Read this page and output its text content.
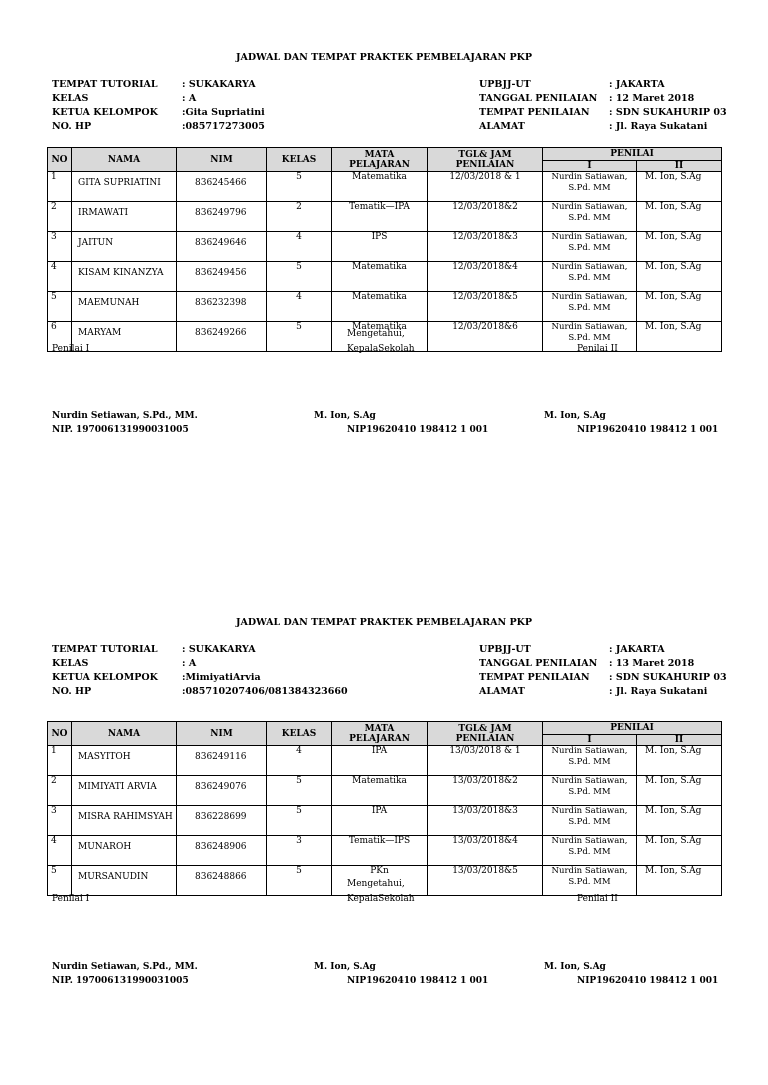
JADWAL DAN TEMPAT PRAKTEK PEMBELAJARAN PKP
TEMPAT TUTORIAL	: SUKAKARYA
KELAS	: A
KETUA KELOMPOK	:Gita Supriatini
NO. HP	:085717273005
UPBJJ-UT	: JAKARTA
TANGGAL PENILAIAN : 12 Maret 2018
TEMPAT PENILAIAN : SDN SUKAHURIP 03
ALAMAT	: Jl. Raya Sukatani
NO	NAMA	NIM	KELAS	MATA PELAJARAN	TGL& JAM PENILAIAN	PENILAI	
						I	II
1	GITA SUPRIATINI	836245466	5	Matematika	12/03/2018 & 1	Nurdin Satiawan, S.Pd. MM	M. Ion, S.Ag
2	IRMAWATI	836249796	2	Tematik—IPA	12/03/2018&2	Nurdin Satiawan, S.Pd. MM	M. Ion, S.Ag
3	JAITUN	836249646	4	IPS	12/03/2018&3	Nurdin Satiawan, S.Pd. MM	M. Ion, S.Ag
4	KISAM KINANZYA	836249456	5	Matematika	12/03/2018&4	Nurdin Satiawan, S.Pd. MM	M. Ion, S.Ag
5	MAEMUNAH	836232398	4	Matematika	12/03/2018&5	Nurdin Satiawan, S.Pd. MM	M. Ion, S.Ag
6	MARYAM	836249266	5	Matematika	12/03/2018&6	Nurdin Satiawan, S.Pd. MM	M. Ion, S.Ag
Mengetahui,
Penilai I	KepalaSekolah	Penilai II
Nurdin Setiawan, S.Pd., MM.	M. Ion, S.Ag	M. Ion, S.Ag
NIP. 197006131990031005	NIP19620410 198412 1 001	NIP19620410 198412 1 001
JADWAL DAN TEMPAT PRAKTEK PEMBELAJARAN PKP
TEMPAT TUTORIAL	: SUKAKARYA
KELAS	: A
KETUA KELOMPOK	:MimiyatiArvia
NO. HP	:085710207406/081384323660
UPBJJ-UT	: JAKARTA
TANGGAL PENILAIAN : 13 Maret 2018
TEMPAT PENILAIAN : SDN SUKAHURIP 03
ALAMAT	: Jl. Raya Sukatani
NO	NAMA	NIM	KELAS	MATA PELAJARAN	TGL& JAM PENILAIAN	PENILAI	
						I	II
1	MASYITOH	836249116	4	IPA	13/03/2018 & 1	Nurdin Satiawan, S.Pd. MM	M. Ion, S.Ag
2	MIMIYATI ARVIA	836249076	5	Matematika	13/03/2018&2	Nurdin Satiawan, S.Pd. MM	M. Ion, S.Ag
3	MISRA RAHIMSYAH	836228699	5	IPA	13/03/2018&3	Nurdin Satiawan, S.Pd. MM	M. Ion, S.Ag
4	MUNAROH	836248906	3	Tematik—IPS	13/03/2018&4	Nurdin Satiawan, S.Pd. MM	M. Ion, S.Ag
5	MURSANUDIN	836248866	5	PKn	13/03/2018&5	Nurdin Satiawan, S.Pd. MM	M. Ion, S.Ag
Mengetahui,
Penilai I	KepalaSekolah	Penilai II
Nurdin Setiawan, S.Pd., MM.	M. Ion, S.Ag	M. Ion, S.Ag
NIP. 197006131990031005	NIP19620410 198412 1 001	NIP19620410 198412 1 001
